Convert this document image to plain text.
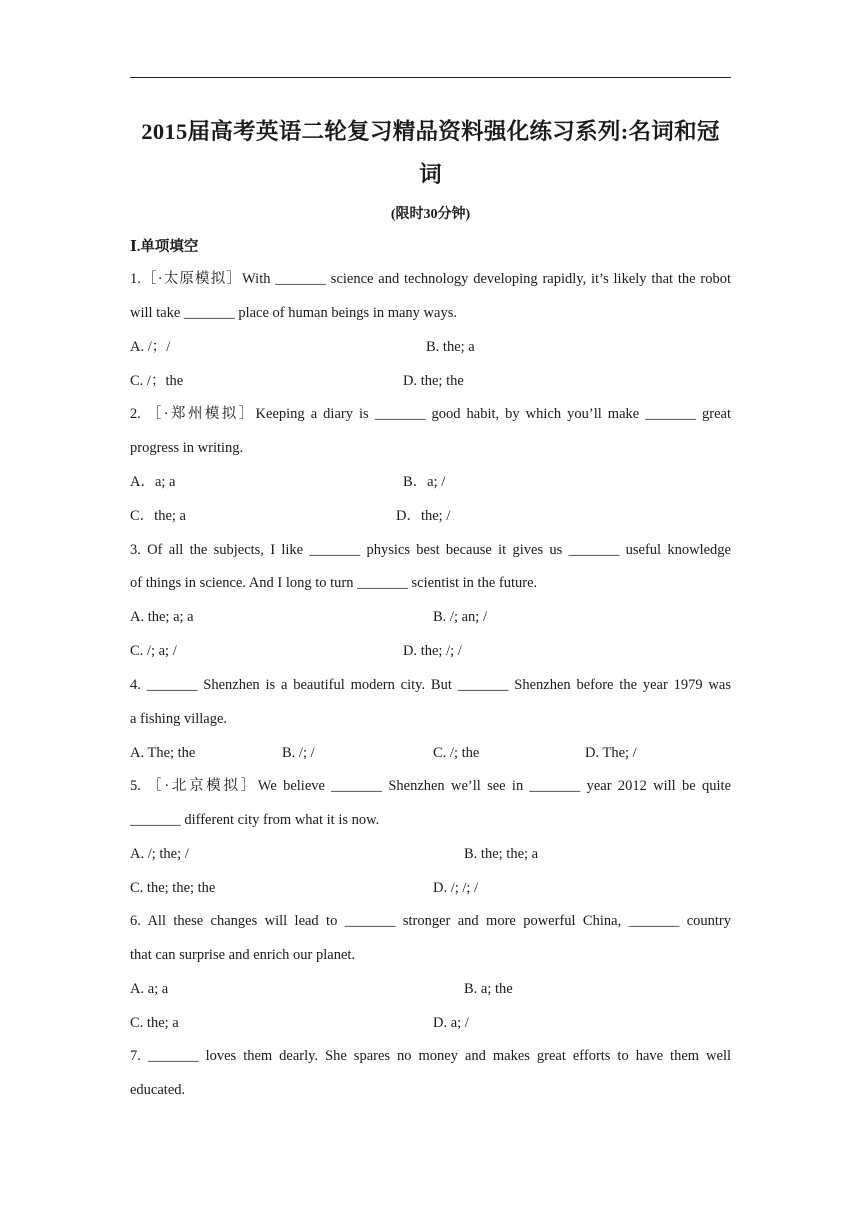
2015届高考英语二轮复习精品资料强化练习系列:名词和冠
词
(限时30分钟)
Ⅰ.单项填空
1.［·太原模拟］With _______ science and technology developing rapidly, it’s likely that the robot
will take _______ place of human beings in many ways.
A. /；/	B. the; a
C. /；the	D. the; the
2. ［·郑州模拟］Keeping a diary is _______ good habit, by which you’ll make _______ great
progress in writing.
A．a; a	B．a; /
C．the; a	D．the; /
3. Of all the subjects, I like _______ physics best because it gives us _______ useful knowledge
of things in science. And I long to turn _______ scientist in the future.
A. the; a; a	B. /; an; /
C. /; a; /	D. the; /; /
4. _______ Shenzhen is a beautiful modern city. But _______ Shenzhen before the year 1979 was
a fishing village.
A. The; the	B. /; /	C. /; the	D. The; /
5. ［·北京模拟］We believe _______ Shenzhen we’ll see in _______ year 2012 will be quite
_______ different city from what it is now.
A. /; the; /	B. the; the; a
C. the; the; the	D. /; /; /
6. All these changes will lead to _______ stronger and more powerful China, _______ country
that can surprise and enrich our planet.
A. a; a	B. a; the
C. the; a	D. a; /
7. _______ loves them dearly. She spares no money and makes great efforts to have them well
educated.
